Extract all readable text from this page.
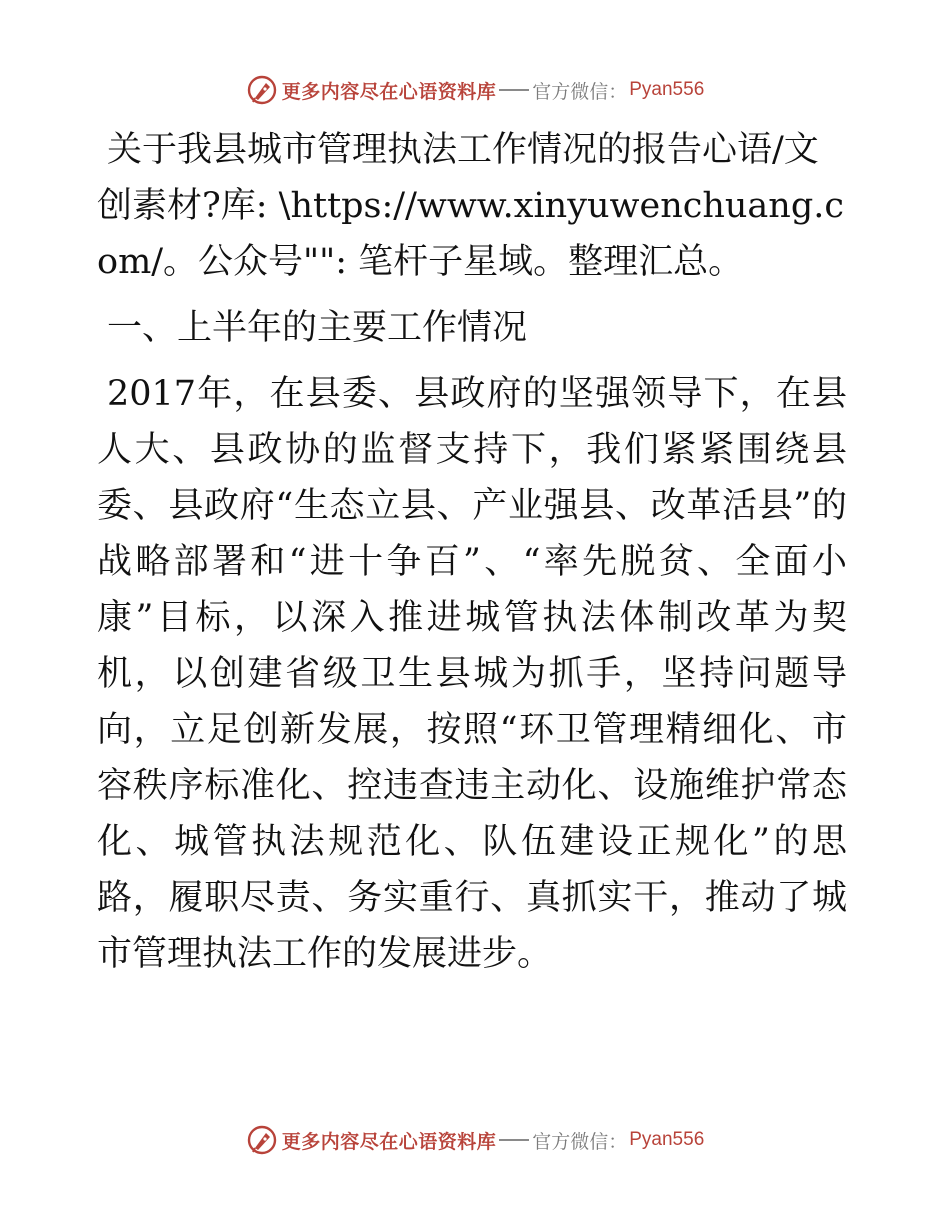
更多内容尽在心语资料库 官方微信： Pyan556

关于我县城市管理执法工作情况的报告心语/文创素材?库: \https://www.xinyuwenchuang.com/。公众号"": 笔杆子星域。整理汇总。

一、上半年的主要工作情况

2017年，在县委、县政府的坚强领导下，在县人大、县政协的监督支持下，我们紧紧围绕县委、县政府“生态立县、产业强县、改革活县”的战略部署和“进十争百”、“率先脱贫、全面小康”目标，以深入推进城管执法体制改革为契机，以创建省级卫生县城为抓手，坚持问题导向，立足创新发展，按照“环卫管理精细化、市容秩序标准化、控违查违主动化、设施维护常态化、城管执法规范化、队伍建设正规化”的思路，履职尽责、务实重行、真抓实干，推动了城市管理执法工作的发展进步。

更多内容尽在心语资料库 官方微信： Pyan556
